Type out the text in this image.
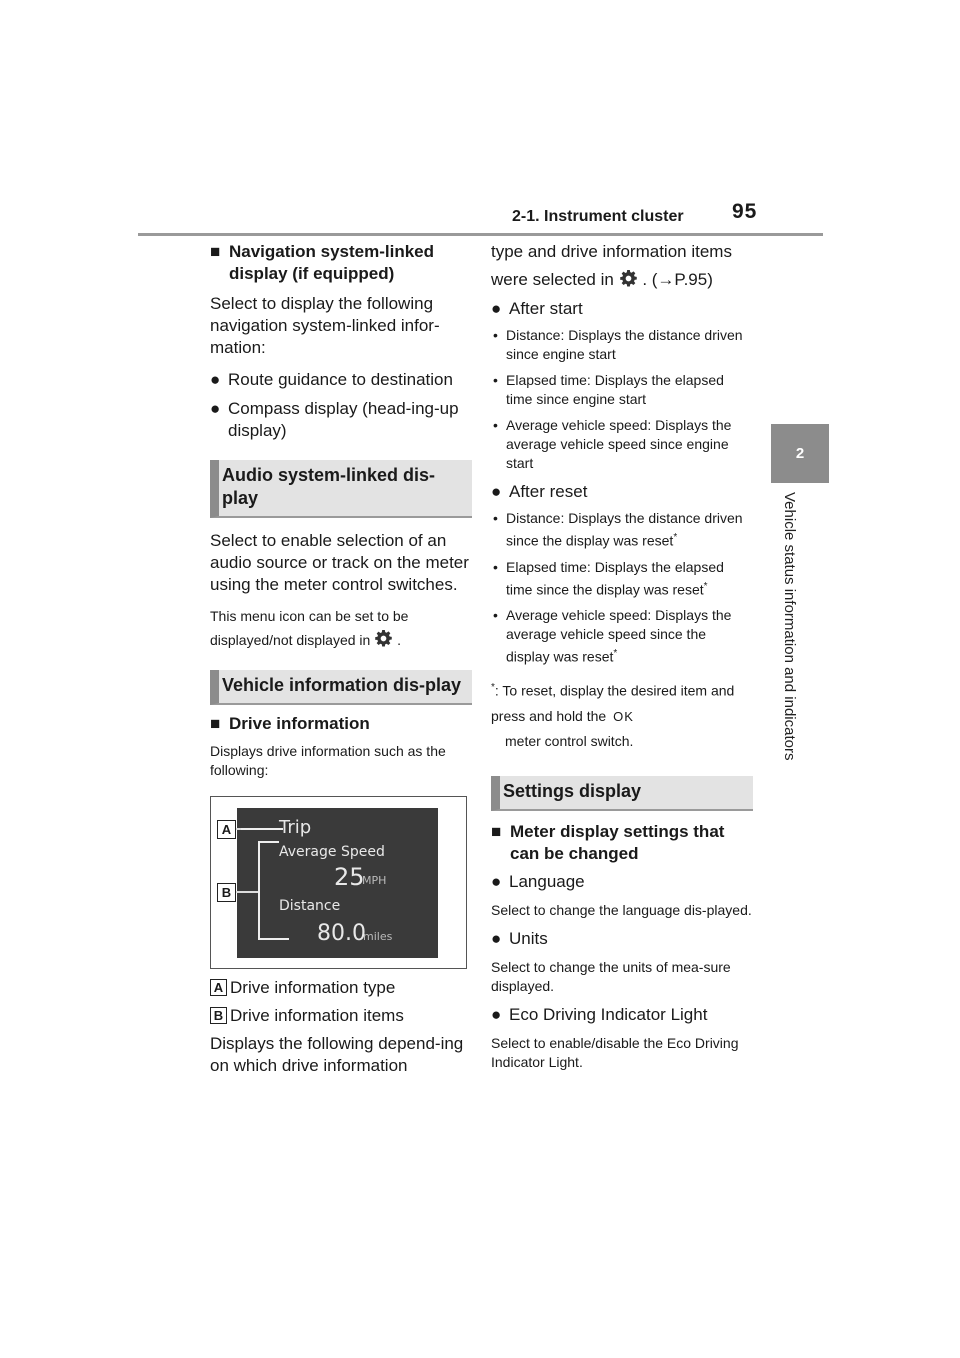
2-1. Instrument cluster 95
2
Vehicle status information and indicators
■ Navigation system-linked display (if equipped)

Select to display the following navigation system-linked infor-mation:

● Route guidance to destination

● Compass display (head-ing-up display)

Audio system-linked dis-play

Select to enable selection of an audio source or track on the meter using the meter control switches.

This menu icon can be set to be displayed/not displayed in .

Vehicle information dis-play
■ Drive information

Displays drive information such as the following:

A
B
Trip
Average Speed
25
MPH
Distance
80.0
miles

A Drive information type

B Drive information items

Displays the following depend-ing on which drive information

type and drive information items

were selected in . (→P.95)

● After start

• Distance: Displays the distance driven since engine start

• Elapsed time: Displays the elapsed time since engine start

• Average vehicle speed: Displays the average vehicle speed since engine start

● After reset

• Distance: Displays the distance driven since the display was reset*

• Elapsed time: Displays the elapsed time since the display was reset*

• Average vehicle speed: Displays the average vehicle speed since the display was reset*

*: To reset, display the desired item and press and hold the OK
meter control switch.

Settings display
■ Meter display settings that can be changed

● Language

Select to change the language dis-played.

● Units

Select to change the units of mea-sure displayed.

● Eco Driving Indicator Light

Select to enable/disable the Eco Driving Indicator Light.
